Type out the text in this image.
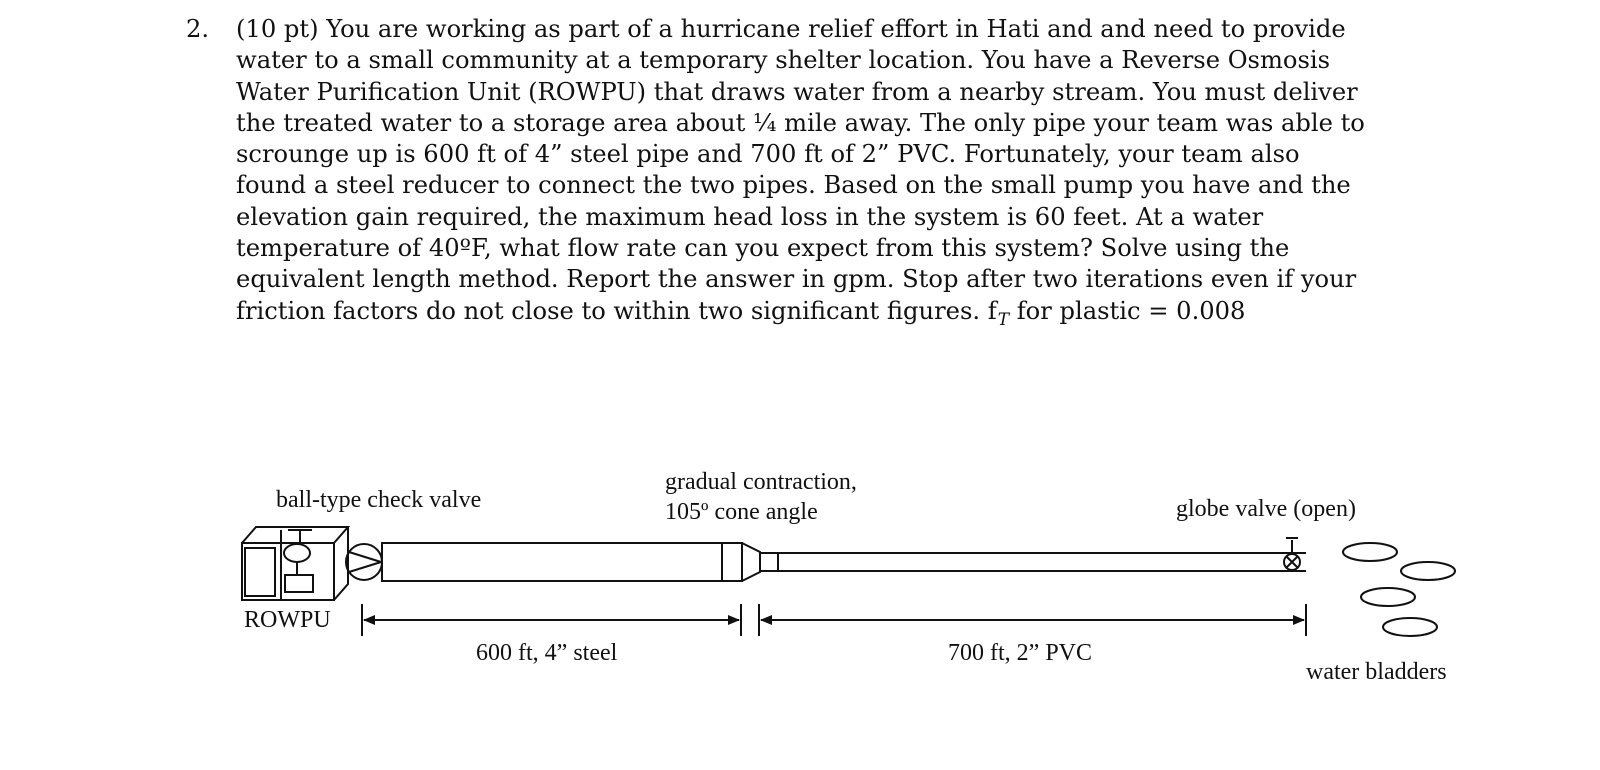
2. (10 pt) You are working as part of a hurricane relief effort in Hati and and need to provide
water to a small community at a temporary shelter location. You have a Reverse Osmosis
Water Purification Unit (ROWPU) that draws water from a nearby stream. You must deliver
the treated water to a storage area about ¼ mile away. The only pipe your team was able to
scrounge up is 600 ft of 4” steel pipe and 700 ft of 2” PVC. Fortunately, your team also
found a steel reducer to connect the two pipes. Based on the small pump you have and the
elevation gain required, the maximum head loss in the system is 60 feet. At a water
temperature of 40ºF, what flow rate can you expect from this system? Solve using the
equivalent length method. Report the answer in gpm. Stop after two iterations even if your
friction factors do not close to within two significant figures. $f_T$ for plastic = 0.008
ball-type check valve
gradual contraction,
105º cone angle	globe valve (open)
ROWPU
600 ft, 4” steel	700 ft, 2” PVC
water bladders
